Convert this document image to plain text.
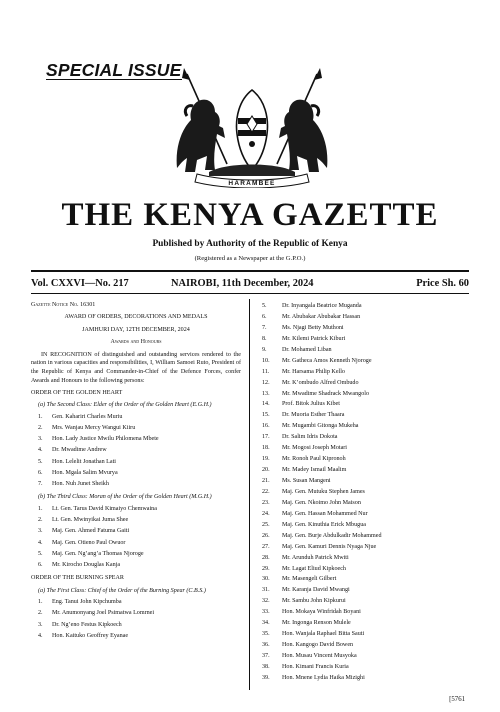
SPECIAL ISSUE
HARAMBEE
THE KENYA GAZETTE
Published by Authority of the Republic of Kenya
(Registered as a Newspaper at the G.P.O.)
Vol. CXXVI—No. 217	NAIROBI, 11th December, 2024	Price Sh. 60
Gazette Notice No. 16301
AWARD OF ORDERS, DECORATIONS AND MEDALS
JAMHURI DAY, 12TH DECEMBER, 2024
Awards and Honours
IN RECOGNITION of distinguished and outstanding services rendered to the nation in various capacities and responsibilities, I, William Samoei Ruto, President of the Republic of Kenya and Commander-in-Chief of the Defence Forces, confer Awards and Honours to the following persons:
ORDER OF THE GOLDEN HEART
(a) The Second Class: Elder of the Order of the Golden Heart (E.G.H.)
1.	Gen. Kahariri Charles Muriu
2.	Mrs. Wanjau Mercy Wangui Kiiru
3.	Hon. Lady Justice Mwilu Philomena Mbete
4.	Dr. Mwadime Andrew
5.	Hon. Lelelit Jonathan Lati
6.	Hon. Mgala Salim Mvurya
7.	Hon. Nuh Junet Sheikh
(b) The Third Class: Moran of the Order of the Golden Heart (M.G.H.)
1.	Lt. Gen. Tarus David Kimaiyo Chemwaina
2.	Lt. Gen. Mwinyikai Juma Shee
3.	Maj. Gen. Ahmed Fatuma Gaiti
4.	Maj. Gen. Otieno Paul Owuor
5.	Maj. Gen. Ng’ang’a Thomas Njoroge
6.	Mr. Kirocho Douglas Kanja
ORDER OF THE BURNING SPEAR
(a) The First Class: Chief of the Order of the Burning Spear (C.B.S.)
1.	Eng. Tanui John Kipchumba
2.	Mr. Anumonyang Joel Psimatwa Lomrnei
3.	Dr. Ng’eno Festus Kipkoech
4.	Hon. Kaituko Geoffrey Eyanae
5.	Dr. Inyangala Beatrice Muganda
6.	Mr. Abubakar Abubakar Hassan
7.	Ms. Njagi Betty Muthoni
8.	Mr. Kilemi Patrick Kiburi
9.	Dr. Mohamed Liban
10.	Mr. Gatheca Amos Kenneth Njoroge
11.	Mr. Harsama Philip Kello
12.	Mr. K’ombudo Alfred Ombudo
13.	Mr. Mwadime Shadrack Mwangolo
14.	Prof. Bitok Julius Kibet
15.	Dr. Muoria Esther Thaara
16.	Mr. Mugambi Gitonga Mukeha
17.	Dr. Salim Idris Dokota
18.	Mr. Mogosi Joseph Motari
19.	Mr. Ronoh Paul Kipronoh
20.	Mr. Madey Ismail Maalim
21.	Ms. Susan Mangeni
22.	Maj. Gen. Mutuku Stephen James
23.	Maj. Gen. Nkoimo John Maison
24.	Maj. Gen. Hassan Mohammed Nur
25.	Maj. Gen. Kinuthia Erick Mbugua
26.	Maj. Gen. Burje Abdulkadir Mohammed
27.	Maj. Gen. Kamuri Dennis Nyaga Njue
28.	Mr. Arunduh Patrick Mwiti
29.	Mr. Lagat Eliud Kipkoech
30.	Mr. Masengeli Gilbert
31.	Mr. Karanja David Mwangi
32.	Mr. Sambu John Kipkurui
33.	Hon. Mokaya Winfridah Boyani
34.	Mr. Ingonga Renson Mulele
35.	Hon. Wanjala Raphael Bitta Sauti
36.	Hon. Kangogo David Bowen
37.	Hon. Musau Vincent Musyoka
38.	Hon. Kimani Francis Kuria
39.	Hon. Mnene Lydia Haika Mizighi
[5761
